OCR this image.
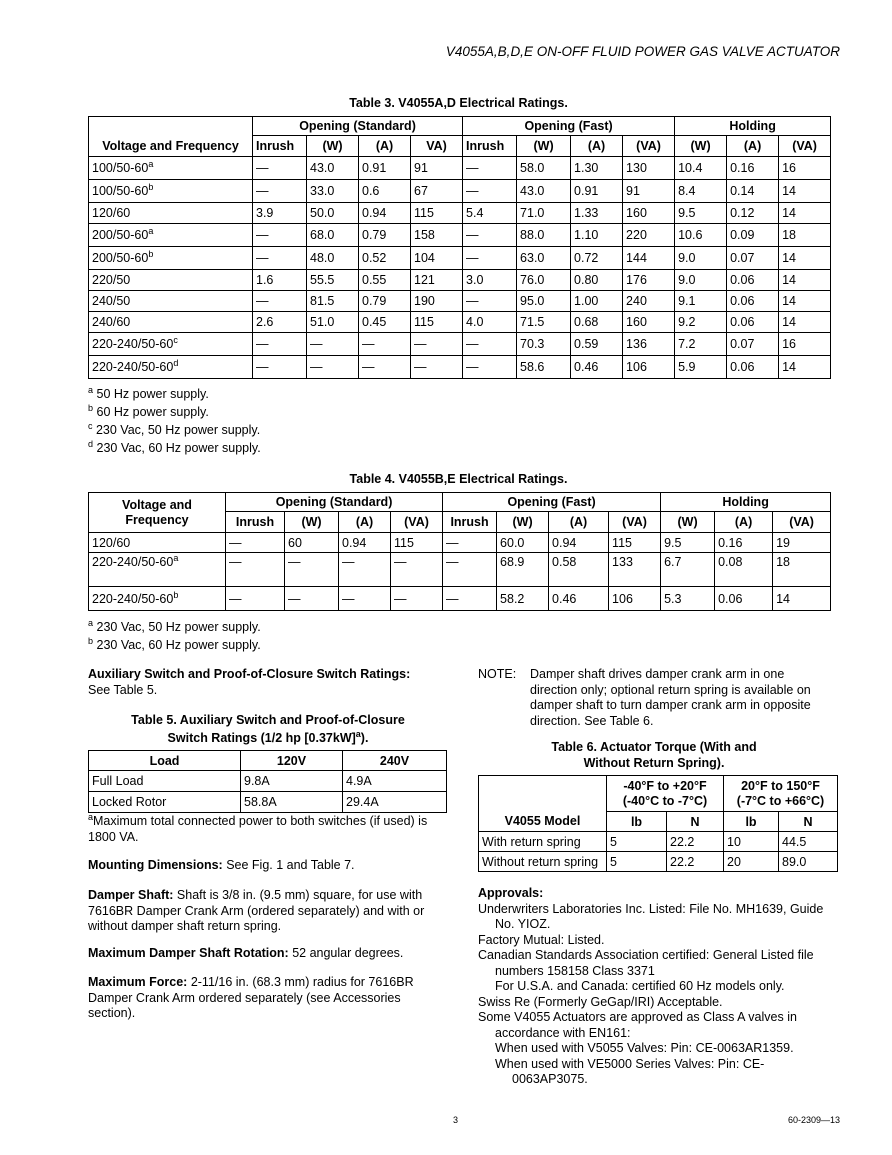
V4055A,B,D,E ON-OFF FLUID POWER GAS VALVE ACTUATOR
Table 3. V4055A,D Electrical Ratings.
	Opening (Standard)				Opening (Fast)				Holding		
Voltage and Frequency	Inrush	(W)	(A)	VA)	Inrush	(W)	(A)	(VA)	(W)	(A)	(VA)
100/50-60$^a$	—	43.0	0.91	91	—	58.0	1.30	130	10.4	0.16	16
100/50-60$^b$	—	33.0	0.6	67	—	43.0	0.91	91	8.4	0.14	14
120/60	3.9	50.0	0.94	115	5.4	71.0	1.33	160	9.5	0.12	14
200/50-60$^a$	—	68.0	0.79	158	—	88.0	1.10	220	10.6	0.09	18
200/50-60$^b$	—	48.0	0.52	104	—	63.0	0.72	144	9.0	0.07	14
220/50	1.6	55.5	0.55	121	3.0	76.0	0.80	176	9.0	0.06	14
240/50	—	81.5	0.79	190	—	95.0	1.00	240	9.1	0.06	14
240/60	2.6	51.0	0.45	115	4.0	71.5	0.68	160	9.2	0.06	14
220-240/50-60$^c$	—	—	—	—	—	70.3	0.59	136	7.2	0.07	16
220-240/50-60$^d$	—	—	—	—	—	58.6	0.46	106	5.9	0.06	14
$^a$ 50 Hz power supply.
$^b$ 60 Hz power supply.
$^c$ 230 Vac, 50 Hz power supply.
$^d$ 230 Vac, 60 Hz power supply.
Table 4. V4055B,E Electrical Ratings.
Voltage and
Frequency	Opening (Standard)				Opening (Fast)				Holding		
	Inrush	(W)	(A)	(VA)	Inrush	(W)	(A)	(VA)	(W)	(A)	(VA)
120/60	—	60	0.94	115	—	60.0	0.94	115	9.5	0.16	19
220-240/50-60$^a$	—	—	—	—	—	68.9	0.58	133	6.7	0.08	18
220-240/50-60$^b$	—	—	—	—	—	58.2	0.46	106	5.3	0.06	14
$^a$ 230 Vac, 50 Hz power supply.
$^b$ 230 Vac, 60 Hz power supply.

Auxiliary Switch and Proof-of-Closure Switch Ratings:
See Table 5.

Table 5. Auxiliary Switch and Proof-of-Closure
Switch Ratings (1/2 hp $[0.37kW]^a$).
Load	120V	240V
Full Load	9.8A	4.9A
Locked Rotor	58.8A	29.4A

$^a$Maximum total connected power to both switches (if used) is 1800 VA.

Mounting Dimensions: See Fig. 1 and Table 7.

Damper Shaft: Shaft is 3/8 in. (9.5 mm) square, for use with 7616BR Damper Crank Arm (ordered separately) and with or without damper shaft return spring.

Maximum Damper Shaft Rotation: 52 angular degrees.

Maximum Force: 2-11/16 in. (68.3 mm) radius for 7616BR Damper Crank Arm ordered separately (see Accessories section).

NOTE: Damper shaft drives damper crank arm in one direction only; optional return spring is available on damper shaft to turn damper crank arm in opposite direction. See Table 6.
Table 6. Actuator Torque (With and
Without Return Spring).
	-40°F to +20°F
(-40°C to -7°C)		20°F to 150°F
(-7°C to +66°C)	
V4055 Model	lb	N	lb	N
With return spring	5	22.2	10	44.5
Without return spring	5	22.2	20	89.0

Approvals:

Underwriters Laboratories Inc. Listed: File No. MH1639, Guide No. YIOZ.

Factory Mutual: Listed.

Canadian Standards Association certified: General Listed file numbers 158158 Class 3371

For U.S.A. and Canada: certified 60 Hz models only.

Swiss Re (Formerly GeGap/IRI) Acceptable.

Some V4055 Actuators are approved as Class A valves in accordance with EN161:

When used with V5055 Valves: Pin: CE-0063AR1359.

When used with VE5000 Series Valves: Pin: CE-0063AP3075.

3	60-2309—13
